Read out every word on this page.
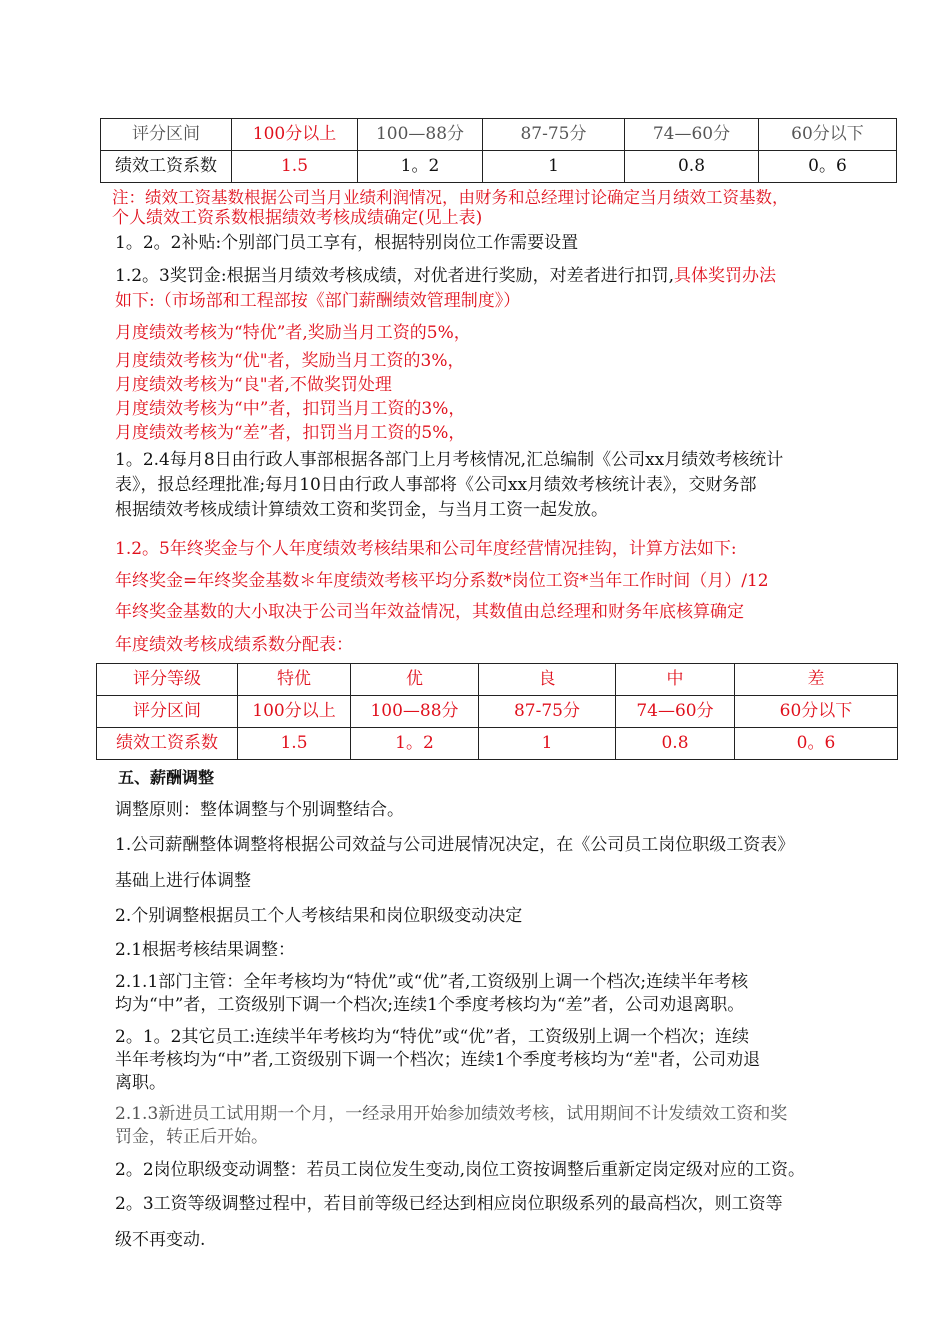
评分区间	100分以上	100—88分	87-75分	74—60分	60分以下
绩效工资系数	1.5	1。2	1	0.8	0。6
注：绩效工资基数根据公司当月业绩利润情况，由财务和总经理讨论确定当月绩效工资基数，
个人绩效工资系数根据绩效考核成绩确定(见上表)
1。2。2补贴:个别部门员工享有，根据特别岗位工作需要设置
1.2。3奖罚金:根据当月绩效考核成绩，对优者进行奖励，对差者进行扣罚,具体奖罚办法
如下:（市场部和工程部按《部门薪酬绩效管理制度》）
月度绩效考核为“特优”者,奖励当月工资的5%，
月度绩效考核为“优"者，奖励当月工资的3%，
月度绩效考核为“良"者,不做奖罚处理
月度绩效考核为“中”者，扣罚当月工资的3%，
月度绩效考核为“差”者，扣罚当月工资的5%，
1。2.4每月8日由行政人事部根据各部门上月考核情况,汇总编制《公司xx月绩效考核统计
表》，报总经理批准;每月10日由行政人事部将《公司xx月绩效考核统计表》，交财务部
根据绩效考核成绩计算绩效工资和奖罚金，与当月工资一起发放。
1.2。5年终奖金与个人年度绩效考核结果和公司年度经营情况挂钩，计算方法如下:
年终奖金=年终奖金基数＊年度绩效考核平均分系数*岗位工资*当年工作时间（月）/12
年终奖金基数的大小取决于公司当年效益情况，其数值由总经理和财务年底核算确定
年度绩效考核成绩系数分配表：
评分等级	特优	优	良	中	差
评分区间	100分以上	100—88分	87-75分	74—60分	60分以下
绩效工资系数	1.5	1。2	1	0.8	0。6
五、薪酬调整
调整原则：整体调整与个别调整结合。
1.公司薪酬整体调整将根据公司效益与公司进展情况决定，在《公司员工岗位职级工资表》
基础上进行体调整
2.个别调整根据员工个人考核结果和岗位职级变动决定
2.1根据考核结果调整：
2.1.1部门主管：全年考核均为“特优”或“优”者,工资级别上调一个档次;连续半年考核
均为“中”者，工资级别下调一个档次;连续1个季度考核均为“差”者，公司劝退离职。
2。1。2其它员工:连续半年考核均为“特优”或“优”者，工资级别上调一个档次；连续
半年考核均为“中”者,工资级别下调一个档次；连续1个季度考核均为“差"者，公司劝退
离职。
2.1.3新进员工试用期一个月，一经录用开始参加绩效考核，试用期间不计发绩效工资和奖
罚金，转正后开始。
2。2岗位职级变动调整：若员工岗位发生变动,岗位工资按调整后重新定岗定级对应的工资。
2。3工资等级调整过程中，若目前等级已经达到相应岗位职级系列的最高档次，则工资等
级不再变动.
